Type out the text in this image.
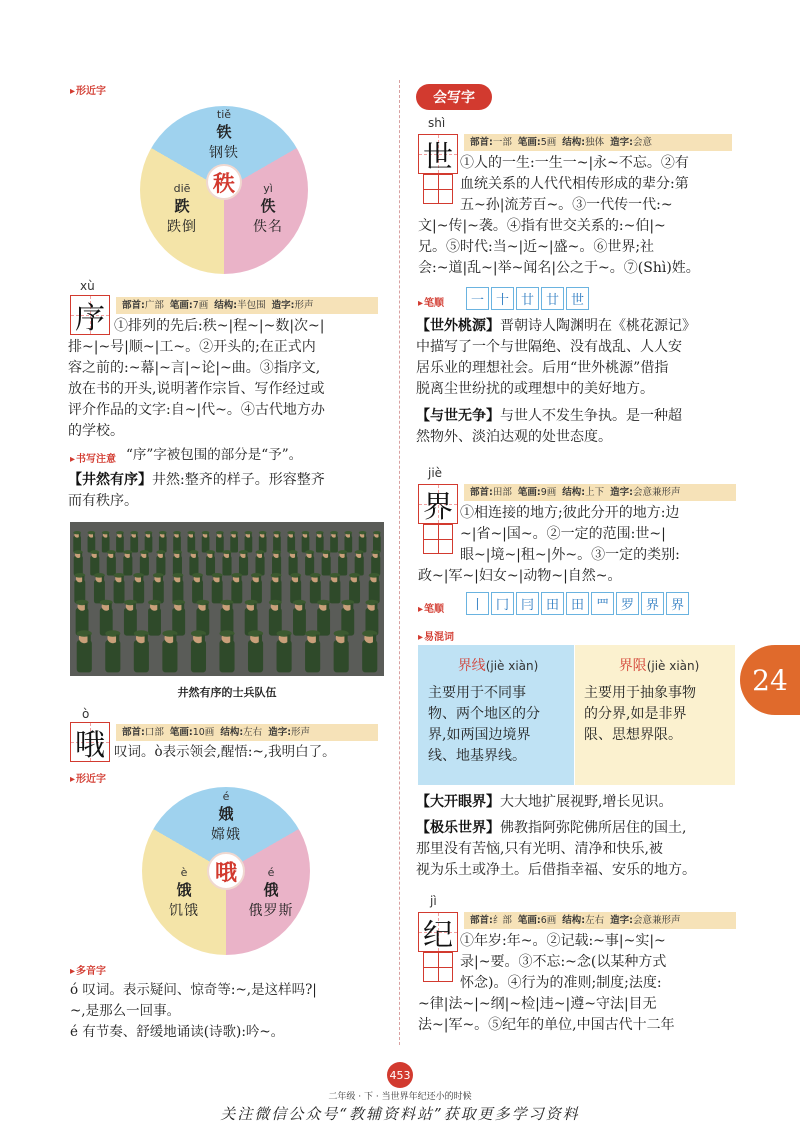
▸ 形近字
秩
tiě
铁
钢铁
diē
跌
跌倒
yì
佚
佚名
xù
序	部首:广部 笔画:7画 结构:半包围 造字:形声
①排列的先后:秩~|程~|~数|次~|
排~|~号|顺~|工~。②开头的;在正式内
容之前的:~幕|~言|~论|~曲。③指序文,
放在书的开头,说明著作宗旨、写作经过或
评介作品的文字:自~|代~。④古代地方办
的学校。
▸ 书写注意 “序”字被包围的部分是“予”。
【井然有序】井然:整齐的样子。形容整齐
而有秩序。
井然有序的士兵队伍
ò
哦	部首:口部 笔画:10画 结构:左右 造字:形声
叹词。ò表示领会,醒悟:~,我明白了。
▸ 形近字
哦
é
娥
嫦娥
è
饿
饥饿
é
俄
俄罗斯
▸ 多音字
ó 叹词。表示疑问、惊奇等:~,是这样吗?|
~,是那么一回事。
é 有节奏、舒缓地诵读(诗歌):吟~。
会写字
shì
世	部首:一部 笔画:5画 结构:独体 造字:会意
①人的一生:一生一~|永~不忘。②有
血统关系的人代代相传形成的辈分:第
五~孙|流芳百~。③一代传一代:~
文|~传|~袭。④指有世交关系的:~伯|~
兄。⑤时代:当~|近~|盛~。⑥世界;社
会:~道|乱~|举~闻名|公之于~。⑦(Shì)姓。
▸ 笔顺	一 十 廿 廿 世
【世外桃源】晋朝诗人陶渊明在《桃花源记》
中描写了一个与世隔绝、没有战乱、人人安
居乐业的理想社会。后用“世外桃源”借指
脱离尘世纷扰的或理想中的美好地方。
【与世无争】与世人不发生争执。是一种超
然物外、淡泊达观的处世态度。
jiè
界	部首:田部 笔画:9画 结构:上下 造字:会意兼形声
①相连接的地方;彼此分开的地方:边
~|省~|国~。②一定的范围:世~|
眼~|境~|租~|外~。③一定的类别:
政~|军~|妇女~|动物~|自然~。
▸ 笔顺	丨 冂 冃 田 田 罒 罗 界 界
▸ 易混词
界线(jiè xiàn)
主要用于不同事
物、两个地区的分
界,如两国边境界
线、地基界线。
界限(jiè xiàn)
主要用于抽象事物
的分界,如是非界
限、思想界限。
【大开眼界】大大地扩展视野,增长见识。
【极乐世界】佛教指阿弥陀佛所居住的国土,
那里没有苦恼,只有光明、清净和快乐,被
视为乐土或净土。后借指幸福、安乐的地方。
jì
纪	部首:纟部 笔画:6画 结构:左右 造字:会意兼形声
①年岁:年~。②记载:~事|~实|~
录|~要。③不忘:~念(以某种方式
怀念)。④行为的准则;制度;法度:
~律|法~|~纲|~检|违~|遵~守法|目无
法~|军~。⑤纪年的单位,中国古代十二年
24
453
二年级 · 下 · 当世界年纪还小的时候
关注微信公众号“教辅资料站”获取更多学习资料
